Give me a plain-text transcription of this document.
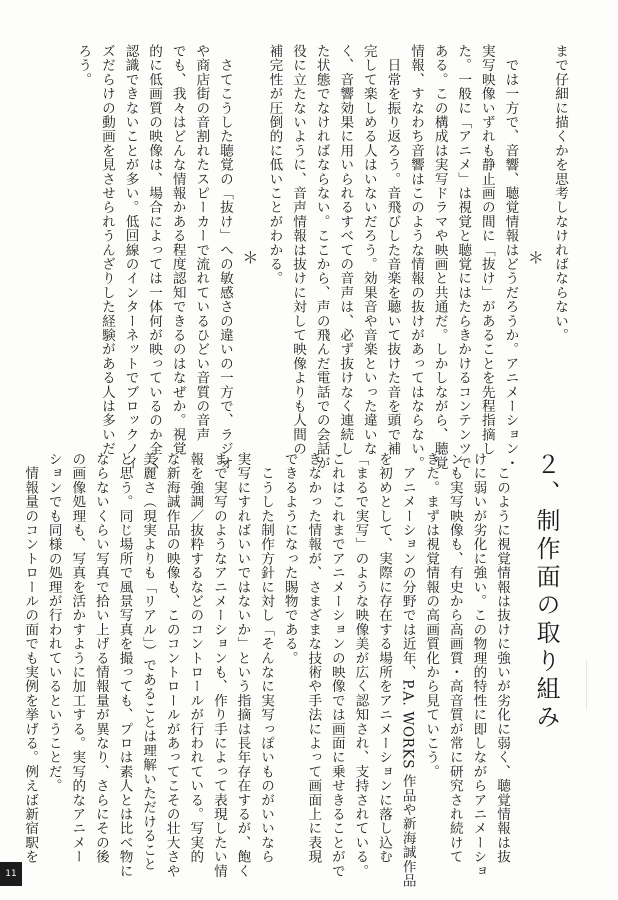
まで仔細に描くかを思考しなければならない。
＊
　では一方で、音響、聴覚情報はどうだろうか。アニメーション・
実写映像いずれも静止画の間に「抜け」があることを先程指摘し
た。一般に「アニメ」は視覚と聴覚にはたらきかけるコンテンツで
ある。この構成は実写ドラマや映画と共通だ。しかしながら、聴覚
情報、すなわち音響はこのような情報の抜けがあってはならない。
　日常を振り返ろう。音飛びした音楽を聴いて抜けた音を頭で補
完して楽しめる人はいないだろう。効果音や音楽といった違いな
く、音響効果に用いられるすべての音声は、必ず抜けなく連続し
た状態でなければならない。ここから、声の飛んだ電話での会話が
役に立たないように、音声情報は抜けに対して映像よりも人間の
補完性が圧倒的に低いことがわかる。
＊
　さてこうした聴覚の「抜け」への敏感さの違いの一方で、ラジオ
や商店街の音割れたスピーカーで流れているひどい音質の音声
でも、我々はどんな情報かある程度認知できるのはなぜか。視覚
的に低画質の映像は、場合によっては一体何が映っているのか全く
認識できないことが多い。低回線のインターネットでブロックノイ
ズだらけの動画を見させられうんざりした経験がある人は多いだ
ろう。
２、制作面の取り組み
　このように視覚情報は抜けに強いが劣化に弱く、聴覚情報は抜
けに弱いが劣化に強い。この物理的特性に即しながらアニメーショ
ンも実写映像も、有史から高画質・高音質が常に研究され続けて
きた。まずは視覚情報の高画質化から見ていこう。
　アニメーションの分野では近年、P.A. WORKS 作品や新海誠作品
を初めとして、実際に存在する場所をアニメーションに落し込む
「まるで実写」のような映像美が広く認知され、支持されている。
これはこれまでアニメーションの映像では画面に乗せきることがで
きなかった情報が、さまざまな技術や手法によって画面上に表現
できるようになった賜物である。
　こうした制作方針に対し「そんなに実写っぽいものがいいなら
実写にすればいいではないか」という指摘は長年存在するが、飽く
まで実写のようなアニメーションも、作り手によって表現したい情
報を強調／抜粋するなどのコントロールが行われている。写実的
な新海誠作品の映像も、このコントロールがあってこその壮大さや
美麗さ（現実よりも「リアル」）であることは理解いただけること
と思う。同じ場所で風景写真を撮っても、プロは素人とは比べ物に
ならないくらい写真で拾い上げる情報量が異なり、さらにその後
の画像処理も、写真を活かすように加工する。実写的なアニメー
ションでも同様の処理が行われているということだ。
　情報量のコントロールの面でも実例を挙げる。例えば新宿駅を
11
